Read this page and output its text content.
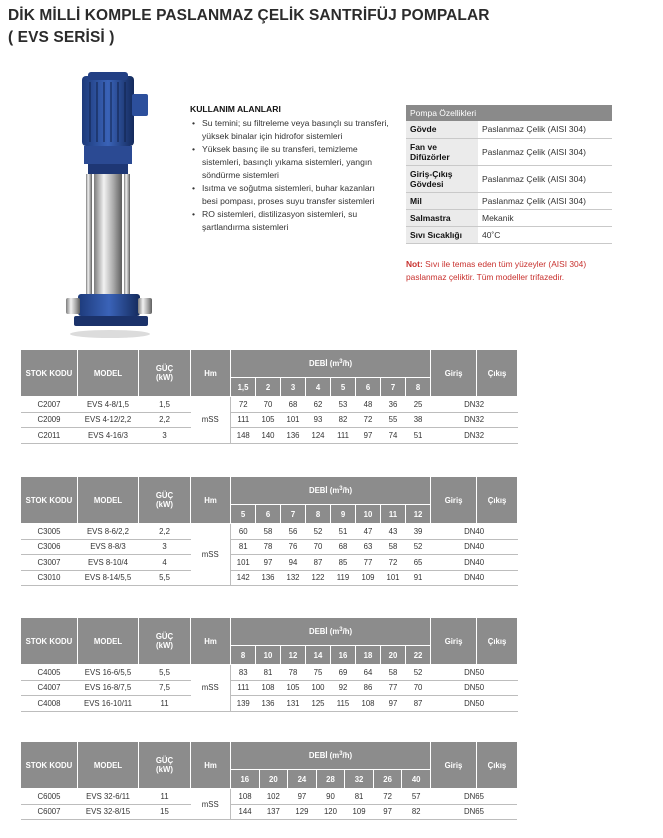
DİK MİLLİ KOMPLE PASLANMAZ ÇELİK SANTRİFÜJ POMPALAR
( EVS SERİSİ )
KULLANIM ALANLARI
• Su temini; su filtreleme veya basınçlı su transferi, yüksek binalar için hidrofor sistemleri
• Yüksek basınç ile su transferi, temizleme sistemleri, basınçlı yıkama sistemleri, yangın söndürme sistemleri
• Isıtma ve soğutma sistemleri, buhar kazanları besi pompası, proses suyu transfer sistemleri
• RO sistemleri, distilizasyon sistemleri, su şartlandırma sistemleri
Pompa Özellikleri	
Gövde	Paslanmaz Çelik (AISI 304)
Fan ve Difüzörler	Paslanmaz Çelik (AISI 304)
Giriş-Çıkış Gövdesi	Paslanmaz Çelik (AISI 304)
Mil	Paslanmaz Çelik (AISI 304)
Salmastra	Mekanik
Sıvı Sıcaklığı	40˚C
Not: Sıvı ile temas eden tüm yüzeyler (AISI 304) paslanmaz çeliktir. Tüm modeller trifazedir.
STOK KODU	MODEL	GÜÇ
(kW)	Hm	DEBİ $(m^3/h)$								Giriş	Çıkış
				1,5	2	3	4	5	6	7	8		
C2007	EVS 4-8/1,5	1,5	mSS	72	70	68	62	53	48	36	25	DN32	
C2009	EVS 4-12/2,2	2,2		111	105	101	93	82	72	55	38	DN32	
C2011	EVS 4-16/3	3		148	140	136	124	111	97	74	51	DN32	
STOK KODU	MODEL	GÜÇ
(kW)	Hm	DEBİ $(m^3/h)$								Giriş	Çıkış
				5	6	7	8	9	10	11	12		
C3005	EVS 8-6/2,2	2,2	mSS	60	58	56	52	51	47	43	39	DN40	
C3006	EVS 8-8/3	3		81	78	76	70	68	63	58	52	DN40	
C3007	EVS 8-10/4	4		101	97	94	87	85	77	72	65	DN40	
C3010	EVS 8-14/5,5	5,5		142	136	132	122	119	109	101	91	DN40	
STOK KODU	MODEL	GÜÇ
(kW)	Hm	DEBİ $(m^3/h)$								Giriş	Çıkış
				8	10	12	14	16	18	20	22		
C4005	EVS 16-6/5,5	5,5	mSS	83	81	78	75	69	64	58	52	DN50	
C4007	EVS 16-8/7,5	7,5		111	108	105	100	92	86	77	70	DN50	
C4008	EVS 16-10/11	11		139	136	131	125	115	108	97	87	DN50	
STOK KODU	MODEL	GÜÇ
(kW)	Hm	DEBİ $(m^3/h)$							Giriş	Çıkış
				16	20	24	28	32	26	40		
C6005	EVS 32-6/11	11	mSS	108	102	97	90	81	72	57	DN65	
C6007	EVS 32-8/15	15		144	137	129	120	109	97	82	DN65	
